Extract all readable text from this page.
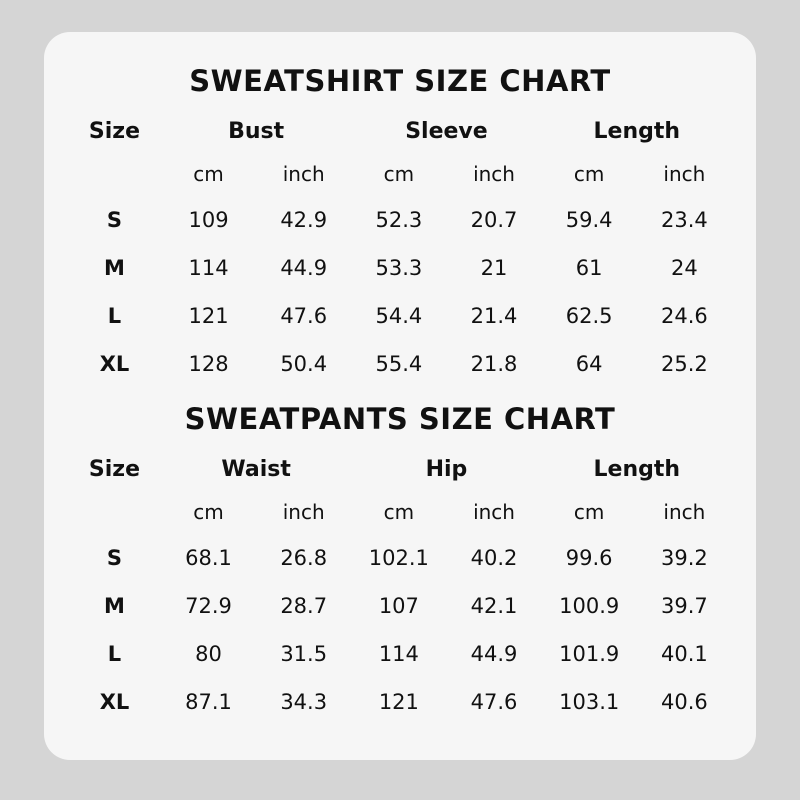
SWEATSHIRT SIZE CHART
Size	Bust		Sleeve		Length	
	cm	inch	cm	inch	cm	inch
S	109	42.9	52.3	20.7	59.4	23.4
M	114	44.9	53.3	21	61	24
L	121	47.6	54.4	21.4	62.5	24.6
XL	128	50.4	55.4	21.8	64	25.2
SWEATPANTS SIZE CHART
Size	Waist		Hip		Length	
	cm	inch	cm	inch	cm	inch
S	68.1	26.8	102.1	40.2	99.6	39.2
M	72.9	28.7	107	42.1	100.9	39.7
L	80	31.5	114	44.9	101.9	40.1
XL	87.1	34.3	121	47.6	103.1	40.6
